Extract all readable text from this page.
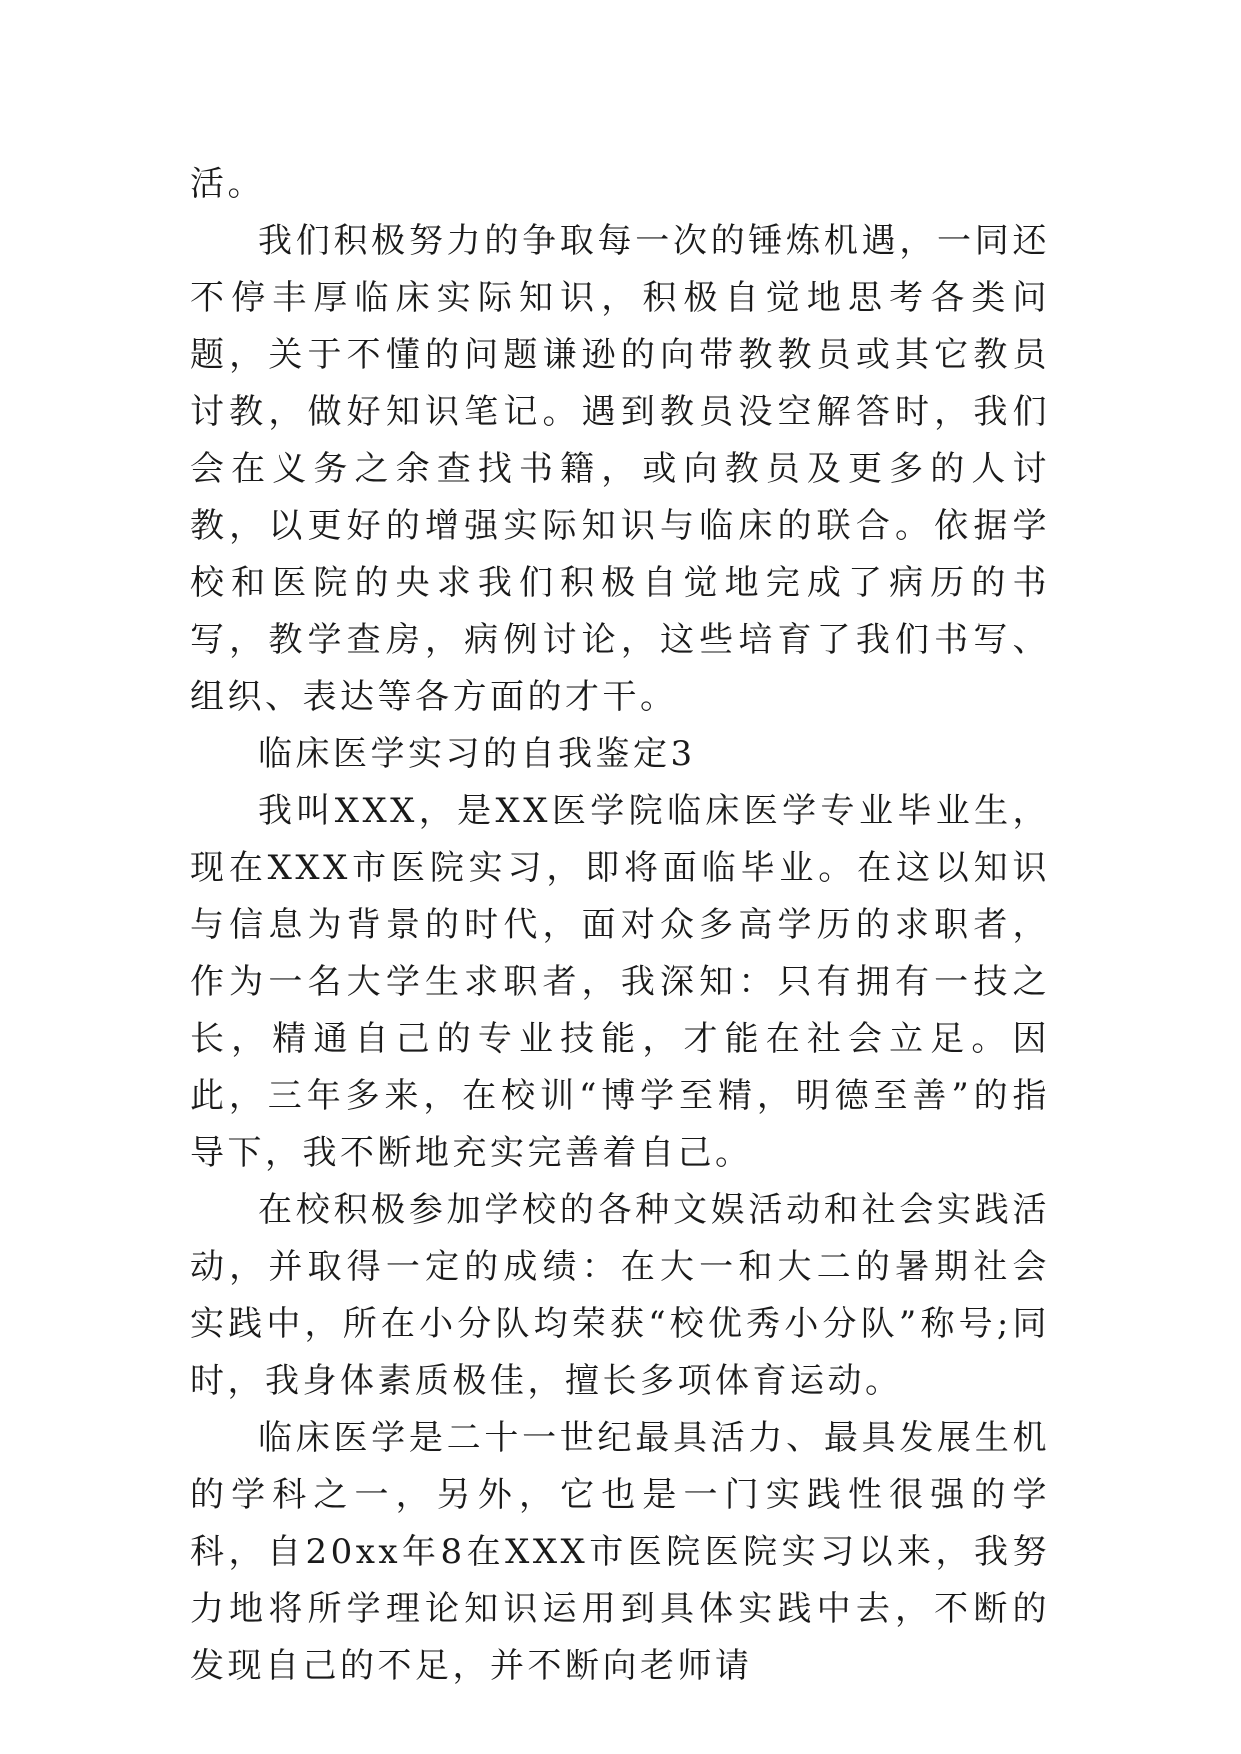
活。

我们积极努力的争取每一次的锤炼机遇，一同还不停丰厚临床实际知识，积极自觉地思考各类问题，关于不懂的问题谦逊的向带教教员或其它教员讨教，做好知识笔记。遇到教员没空解答时，我们会在义务之余查找书籍，或向教员及更多的人讨教，以更好的增强实际知识与临床的联合。依据学校和医院的央求我们积极自觉地完成了病历的书写，教学查房，病例讨论，这些培育了我们书写、组织、表达等各方面的才干。

临床医学实习的自我鉴定3

我叫XXX，是XX医学院临床医学专业毕业生，现在XXX市医院实习，即将面临毕业。在这以知识与信息为背景的时代，面对众多高学历的求职者，作为一名大学生求职者，我深知：只有拥有一技之长，精通自己的专业技能，才能在社会立足。因此，三年多来，在校训“博学至精，明德至善”的指导下，我不断地充实完善着自己。

在校积极参加学校的各种文娱活动和社会实践活动，并取得一定的成绩：在大一和大二的暑期社会实践中，所在小分队均荣获“校优秀小分队”称号;同时，我身体素质极佳，擅长多项体育运动。

临床医学是二十一世纪最具活力、最具发展生机的学科之一，另外，它也是一门实践性很强的学科，自20xx年8在XXX市医院医院实习以来，我努力地将所学理论知识运用到具体实践中去，不断的发现自己的不足，并不断向老师请
